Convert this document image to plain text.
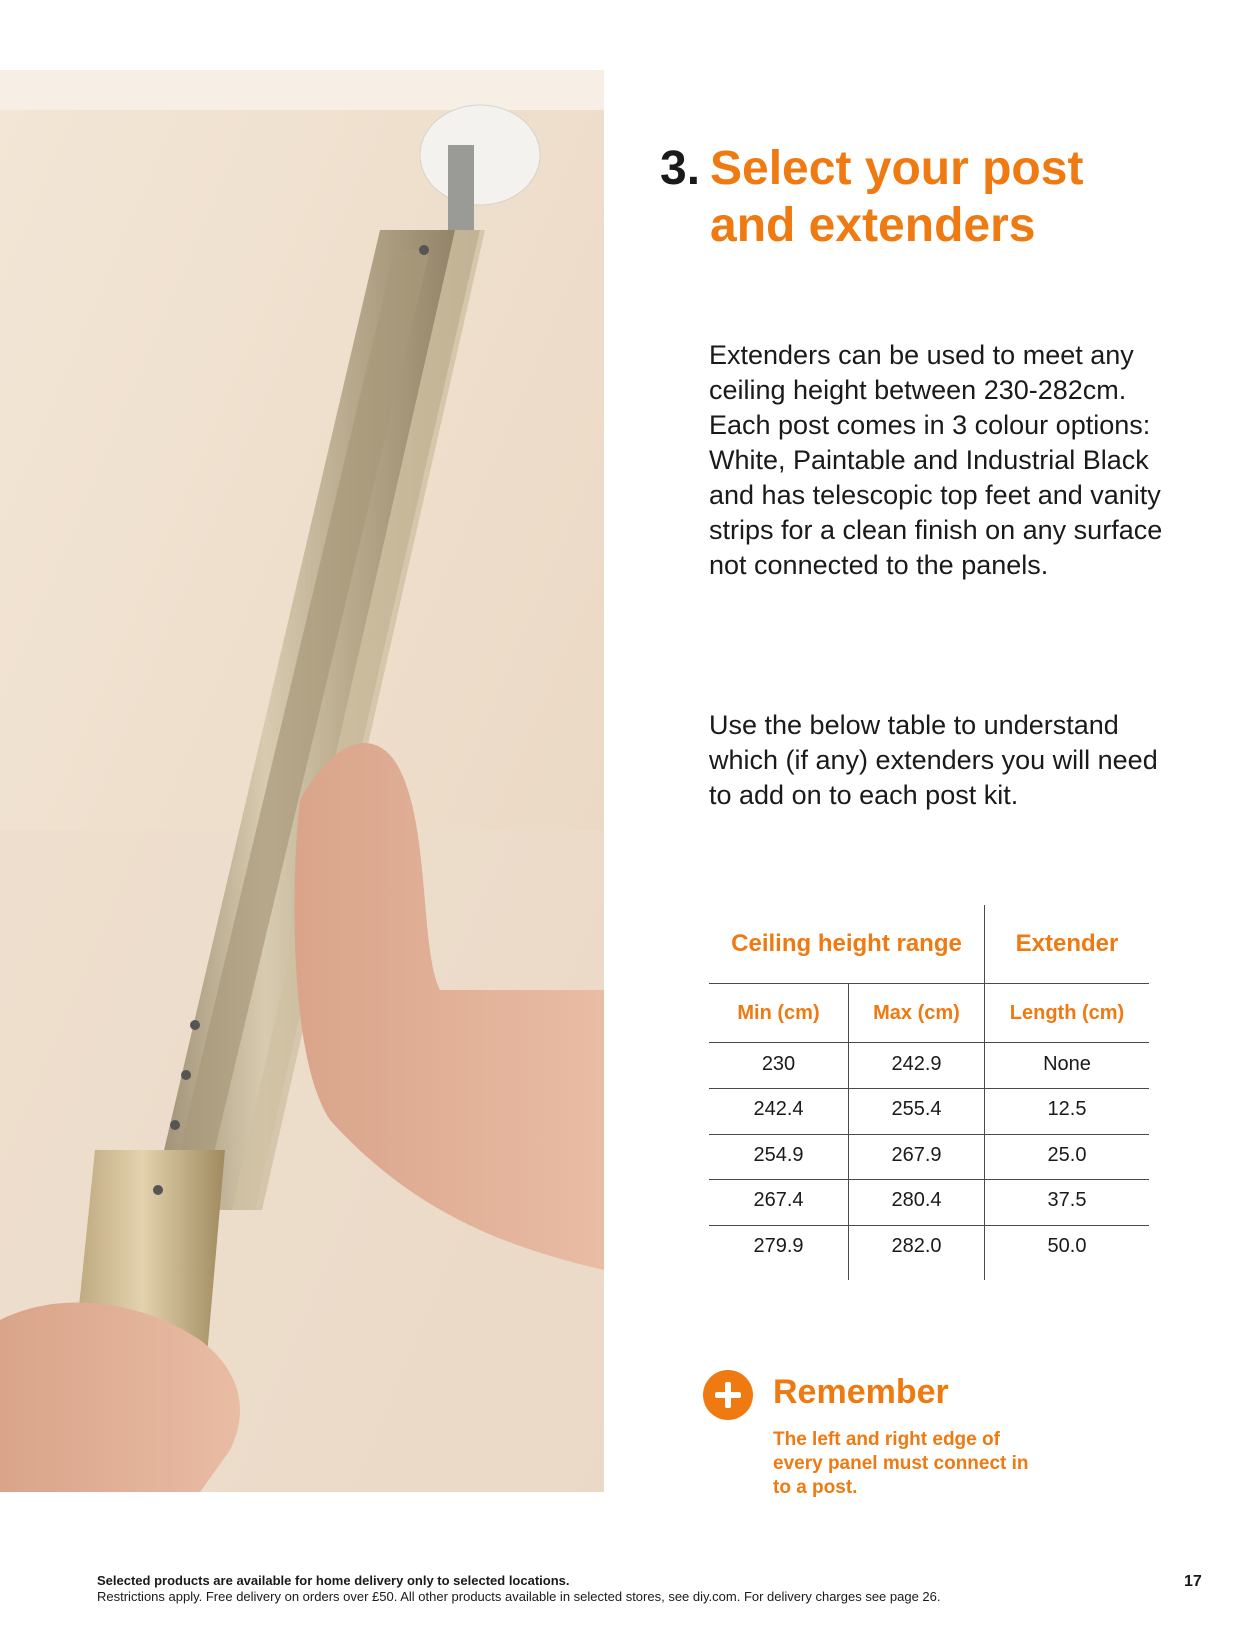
3. Select your post and extenders
Extenders can be used to meet any ceiling height between 230-282cm. Each post comes in 3 colour options: White, Paintable and Industrial Black and has telescopic top feet and vanity strips for a clean finish on any surface not connected to the panels.
Use the below table to understand which (if any) extenders you will need to add on to each post kit.
Ceiling height range	Extender
Min (cm)	Max (cm)	Length (cm)
230	242.9	None
242.4	255.4	12.5
254.9	267.9	25.0
267.4	280.4	37.5
279.9	282.0	50.0
Remember
The left and right edge of every panel must connect in to a post.
Selected products are available for home delivery only to selected locations.
Restrictions apply. Free delivery on orders over £50. All other products available in selected stores, see diy.com. For delivery charges see page 26.
17
